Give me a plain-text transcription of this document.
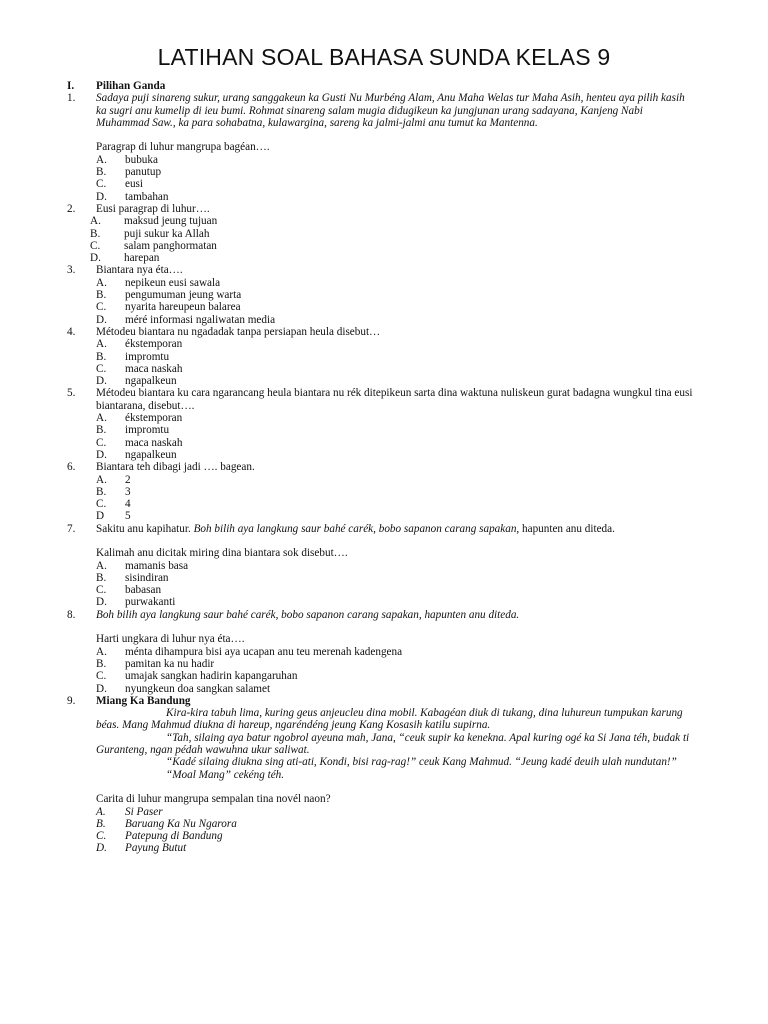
LATIHAN SOAL BAHASA SUNDA KELAS 9
I. Pilihan Ganda
1. Sadaya puji sinareng sukur, urang sanggakeun ka Gusti Nu Murbéng Alam, Anu Maha Welas tur Maha Asih, henteu aya pilih kasih ka sugri anu kumelip di ieu bumi. Rohmat sinareng salam mugia didugikeun ka jungjunan urang sadayana, Kanjeng Nabi Muhammad Saw., ka para sohabatna, kulawargina, sareng ka jalmi-jalmi anu tumut ka Mantenna.
Paragrap di luhur mangrupa bagéan….
A. bubuka
B. panutup
C. eusi
D. tambahan
2. Eusi paragrap di luhur….
A. maksud jeung tujuan
B. puji sukur ka Allah
C. salam panghormatan
D. harepan
3. Biantara nya éta….
A. nepikeun eusi sawala
B. pengumuman jeung warta
C. nyarita hareupeun balarea
D. méré informasi ngaliwatan media
4. Métodeu biantara nu ngadadak tanpa persiapan heula disebut…
A. ékstemporan
B. impromtu
C. maca naskah
D. ngapalkeun
5. Métodeu biantara ku cara ngarancang heula biantara nu rék ditepikeun sarta dina waktuna nuliskeun gurat badagna wungkul tina eusi biantarana, disebut….
A. ékstemporan
B. impromtu
C. maca naskah
D. ngapalkeun
6. Biantara teh dibagi jadi …. bagean.
A. 2
B. 3
C. 4
D 5
7. Sakitu anu kapihatur. Boh bilih aya langkung saur bahé carék, bobo sapanon carang sapakan, hapunten anu diteda.
Kalimah anu dicitak miring dina biantara sok disebut….
A. mamanis basa
B. sisindiran
C. babasan
D. purwakanti
8. Boh bilih aya langkung saur bahé carék, bobo sapanon carang sapakan, hapunten anu diteda.
Harti ungkara di luhur nya éta….
A. ménta dihampura bisi aya ucapan anu teu merenah kadengena
B. pamitan ka nu hadir
C. umajak sangkan hadirin kapangaruhan
D. nyungkeun doa sangkan salamet
9. Miang Ka Bandung
Kira-kira tabuh lima, kuring geus anjeucleu dina mobil. Kabagéan diuk di tukang, dina luhureun tumpukan karung béas. Mang Mahmud diukna di hareup, ngaréndéng jeung Kang Kosasih katilu supirna.
“Tah, silaing aya batur ngobrol ayeuna mah, Jana, “ceuk supir ka kenekna. Apal kuring ogé ka Si Jana téh, budak ti Guranteng, ngan pédah wawuhna ukur saliwat.
“Kadé silaing diukna sing ati-ati, Kondi, bisi rag-rag!” ceuk Kang Mahmud. “Jeung kadé deuih ulah nundutan!”
“Moal Mang” cekéng téh.
Carita di luhur mangrupa sempalan tina novél naon?
A. Si Paser
B. Baruang Ka Nu Ngarora
C. Patepung di Bandung
D. Payung Butut
